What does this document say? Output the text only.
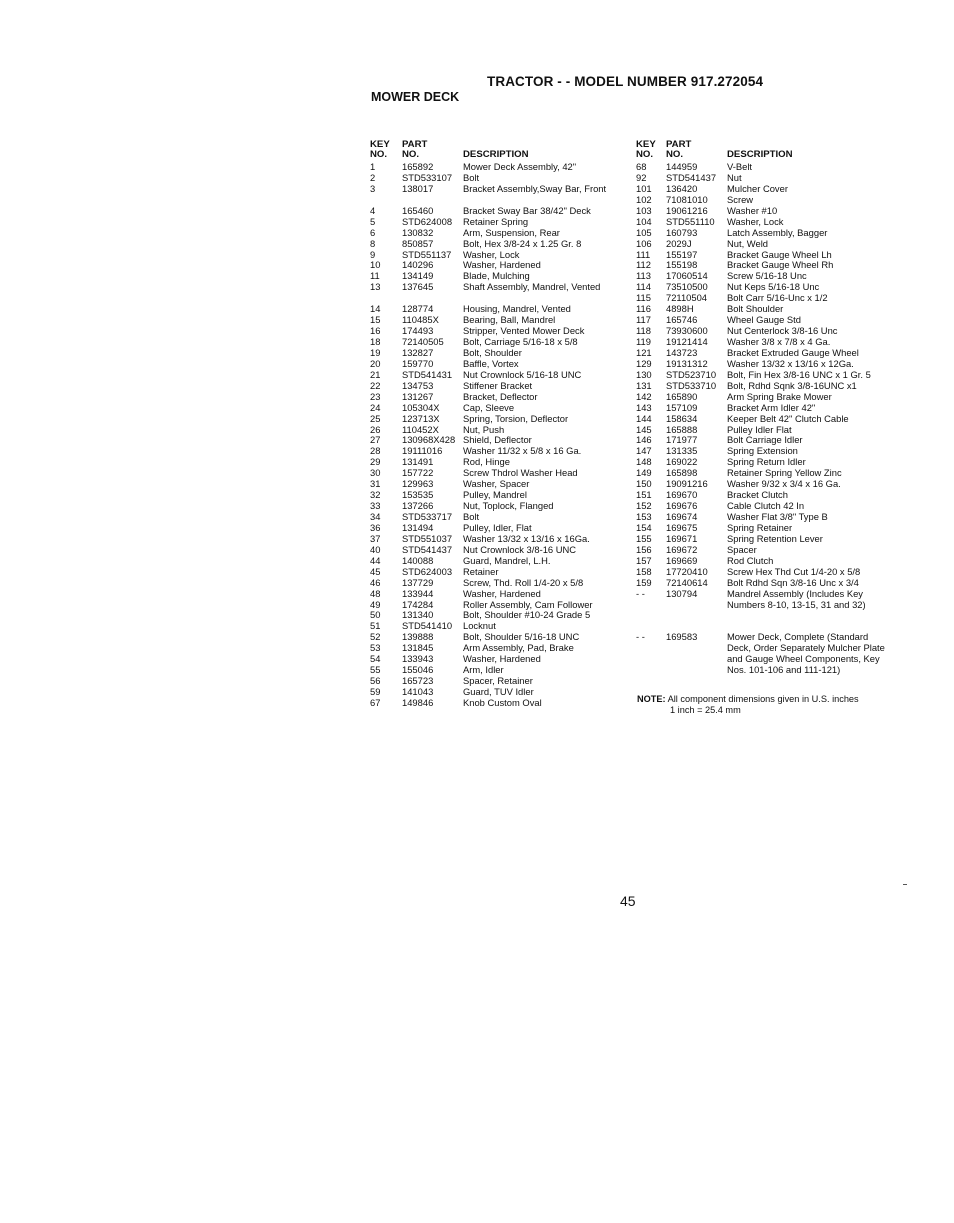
TRACTOR - - MODEL NUMBER 917.272054
MOWER DECK
KEY
NO.
PART
NO.	DESCRIPTION
1	165892	Mower Deck Assembly, 42"
2	STD533107 Bolt
3	138017	Bracket Assembly,Sway Bar, Front
4	165460	Bracket Sway Bar 38/42" Deck
5	STD624008 Retainer Spring
6	130832	Arm, Suspension, Rear
8	850857	Bolt, Hex 3/8-24 x 1.25 Gr. 8
9	STD551137 Washer, Lock
10 140296	Washer, Hardened
11 134149	Blade, Mulching
13 137645	Shaft Assembly, Mandrel, Vented
14 128774	Housing, Mandrel, Vented
15 110485X	Bearing, Ball, Mandrel
16 174493	Stripper, Vented Mower Deck
18 72140505 Bolt, Carriage 5/16-18 x 5/8
19 132827	Bolt, Shoulder
20 159770	Baffle, Vortex
21 STD541431 Nut Crownlock 5/16-18 UNC
22 134753	Stiffener Bracket
23 131267	Bracket, Deflector
24 105304X Cap, Sleeve
25 123713X Spring, Torsion, Deflector
26 110452X	Nut, Push
27 130968X428 Shield, Deflector
28 19111016 Washer 11/32 x 5/8 x 16 Ga.
29 131491	Rod, Hinge
30 157722	Screw Thdrol Washer Head
31 129963	Washer, Spacer
32 153535	Pulley, Mandrel
33 137266	Nut, Toplock, Flanged
34 STD533717 Bolt
36 131494	Pulley, Idler, Flat
37 STD551037 Washer 13/32 x 13/16 x 16Ga.
40 STD541437 Nut Crownlock 3/8-16 UNC
44 140088	Guard, Mandrel, L.H.
45 STD624003 Retainer
46 137729	Screw, Thd. Roll 1/4-20 x 5/8
48 133944	Washer, Hardened
49 174284	Roller Assembly, Cam Follower
50 131340	Bolt, Shoulder #10-24 Grade 5
51 STD541410 Locknut
52 139888	Bolt, Shoulder 5/16-18 UNC
53 131845	Arm Assembly, Pad, Brake
54 133943	Washer, Hardened
55 155046	Arm, Idler
56 165723	Spacer, Retainer
59 141043	Guard, TUV Idler
67 149846	Knob Custom Oval
KEY
NO.
PART
NO.	DESCRIPTION
68 144959	V-Belt
92 STD541437 Nut
101 136420	Mulcher Cover
102 71081010 Screw
103 19061216 Washer #10
104 STD551110 Washer, Lock
105 160793	Latch Assembly, Bagger
106 2029J	Nut, Weld
111 155197	Bracket Gauge Wheel Lh
112 155198	Bracket Gauge Wheel Rh
113 17060514 Screw 5/16-18 Unc
114 73510500 Nut Keps 5/16-18 Unc
115 72110504 Bolt Carr 5/16-Unc x 1/2
116 4898H	Bolt Shoulder
117 165746	Wheel Gauge Std
118 73930600 Nut Centerlock 3/8-16 Unc
119 19121414 Washer 3/8 x 7/8 x 4 Ga.
121 143723	Bracket Extruded Gauge Wheel
129 19131312 Washer 13/32 x 13/16 x 12Ga.
130 STD523710 Bolt, Fin Hex 3/8-16 UNC x 1 Gr. 5
131 STD533710 Bolt, Rdhd Sqnk 3/8-16UNC x1
142 165890	Arm Spring Brake Mower
143 157109	Bracket Arm Idler 42"
144 158634	Keeper Belt 42" Clutch Cable
145 165888	Pulley Idler Flat
146 171977	Bolt Carriage Idler
147 131335	Spring Extension
148 169022	Spring Return Idler
149 165898	Retainer Spring Yellow Zinc
150 19091216 Washer 9/32 x 3/4 x 16 Ga.
151 169670	Bracket Clutch
152 169676	Cable Clutch 42 In
153 169674	Washer Flat 3/8" Type B
154 169675	Spring Retainer
155 169671	Spring Retention Lever
156 169672	Spacer
157 169669	Rod Clutch
158 17720410 Screw Hex Thd Cut 1/4-20 x 5/8
159 72140614 Bolt Rdhd Sqn 3/8-16 Unc x 3/4
- - 130794	Mandrel Assembly (Includes Key Numbers 8-10, 13-15, 31 and 32)
- - 169583	Mower Deck, Complete (Standard Deck, Order Separately Mulcher Plate and Gauge Wheel Components, Key Nos. 101-106 and 111-121)
NOTE: All component dimensions given in U.S. inches
1 inch = 25.4 mm
45
